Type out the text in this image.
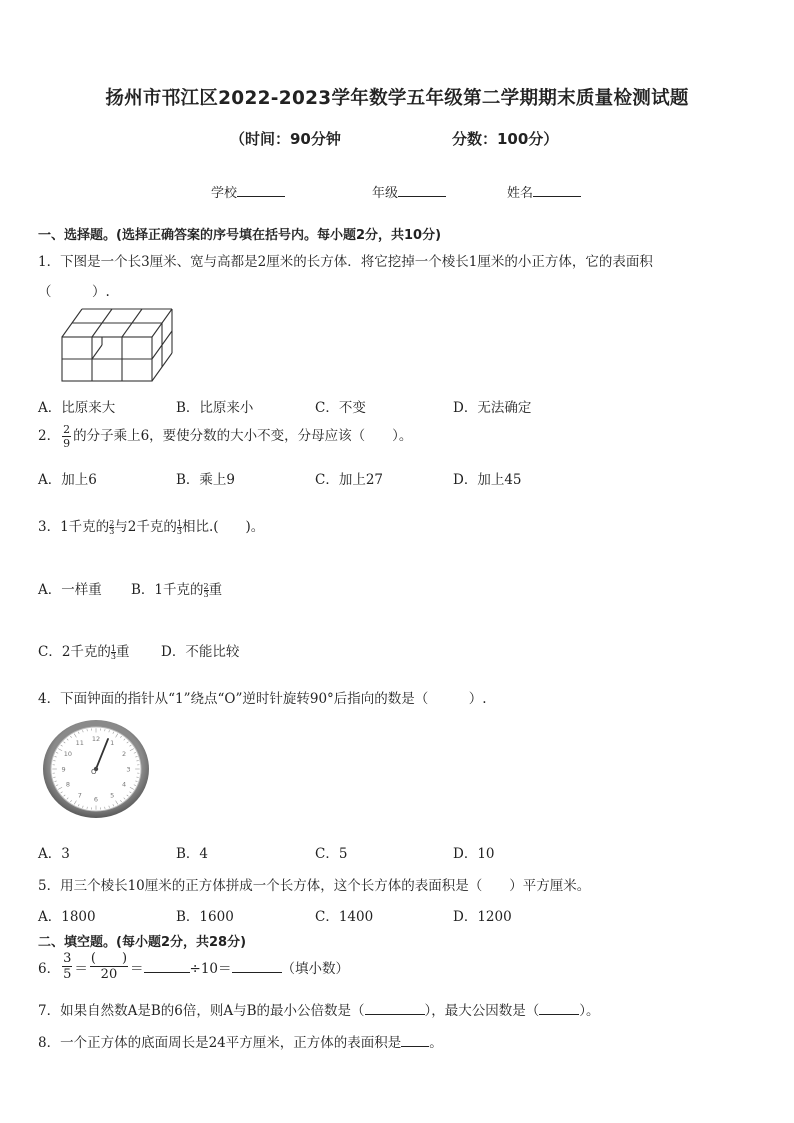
扬州市邗江区2022-2023学年数学五年级第二学期期末质量检测试题
（时间：90分钟	分数：100分）
学校	年级	姓名
一、选择题。(选择正确答案的序号填在括号内。每小题2分，共10分)
1．下图是一个长3厘米、宽与高都是2厘米的长方体．将它挖掉一个棱长1厘米的小正方体，它的表面积
（　　　）.
A．比原来大	B．比原来小	C．不变	D．无法确定
2． $\frac{2}{9}$ 的分子乘上6，要使分数的大小不变，分母应该（　　）。
A．加上6	B．乘上9	C．加上27	D．加上45
3．1千克的 $\frac{2}{3}$ 与2千克的 $\frac{1}{3}$ 相比.(　　)。
A．一样重 B．1千克的 $\frac{2}{3}$ 重
C．2千克的 $\frac{1}{3}$ 重 D．不能比较
4．下面钟面的指针从“1”绕点“O”逆时针旋转90°后指向的数是（　　　）.
12
1
2
3
4
5
6
7
8
9
10
11
O
A．3	B．4	C．5	D．10
5．用三个棱长10厘米的正方体拼成一个长方体，这个长方体的表面积是（　　）平方厘米。
A．1800	B．1600	C．1400	D．1200
二、填空题。(每小题2分，共28分)
6． $\frac{3}{5} = \frac{( )}{20}$ ＝	÷10＝	（填小数）
7．如果自然数A是B的6倍，则A与B的最小公倍数是（	），最大公因数是（	）。
8．一个正方体的底面周长是24平方厘米，正方体的表面积是 。
